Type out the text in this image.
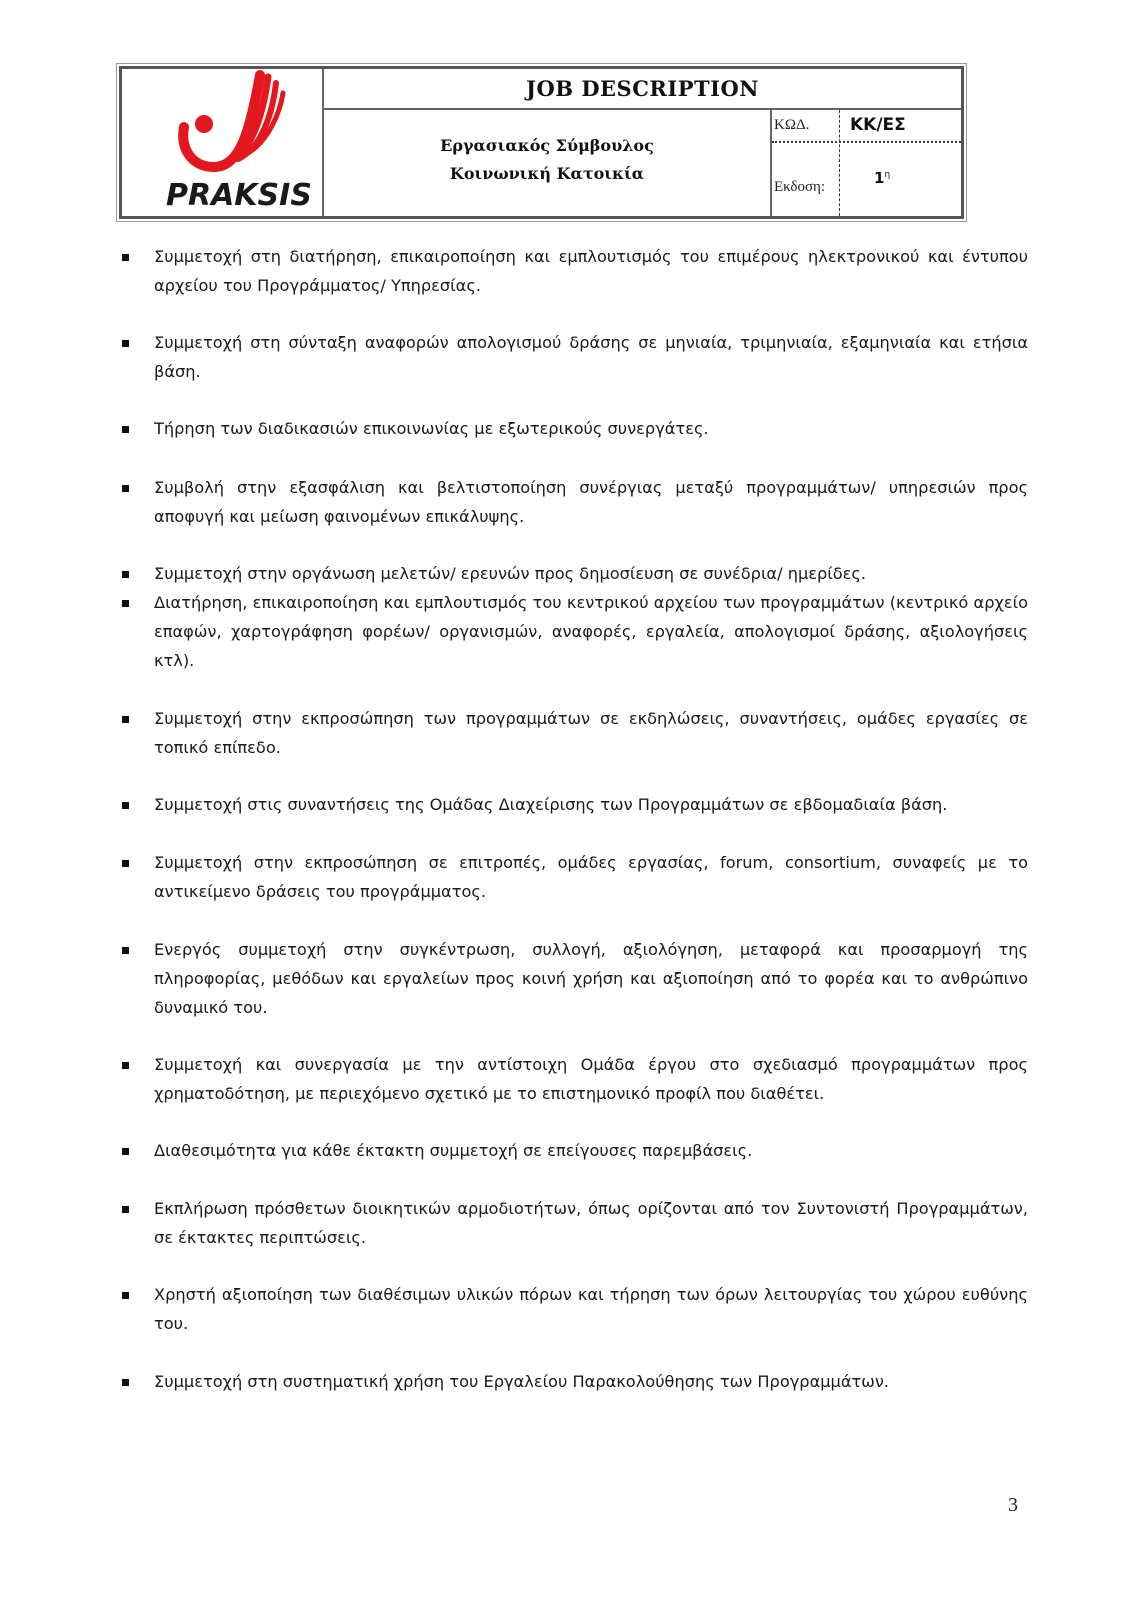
PRAKSIS
JOB DESCRIPTION
Εργασιακός Σύμβουλος
Κοινωνική Κατοικία
ΚΩΔ. ΚΚ/ΕΣ
Εκδοση:	$1^\eta$
Συμμετοχή στη διατήρηση, επικαιροποίηση και εμπλουτισμός του επιμέρους ηλεκτρονικού και έντυπου αρχείου του Προγράμματος/ Υπηρεσίας.
Συμμετοχή στη σύνταξη αναφορών απολογισμού δράσης σε μηνιαία, τριμηνιαία, εξαμηνιαία και ετήσια βάση.
Τήρηση των διαδικασιών επικοινωνίας με εξωτερικούς συνεργάτες.
Συμβολή στην εξασφάλιση και βελτιστοποίηση συνέργιας μεταξύ προγραμμάτων/ υπηρεσιών προς αποφυγή και μείωση φαινομένων επικάλυψης.
Συμμετοχή στην οργάνωση μελετών/ ερευνών προς δημοσίευση σε συνέδρια/ ημερίδες.
Διατήρηση, επικαιροποίηση και εμπλουτισμός του κεντρικού αρχείου των προγραμμάτων (κεντρικό αρχείο επαφών, χαρτογράφηση φορέων/ οργανισμών, αναφορές, εργαλεία, απολογισμοί δράσης, αξιολογήσεις κτλ).
Συμμετοχή στην εκπροσώπηση των προγραμμάτων σε εκδηλώσεις, συναντήσεις, ομάδες εργασίες σε τοπικό επίπεδο.
Συμμετοχή στις συναντήσεις της Ομάδας Διαχείρισης των Προγραμμάτων σε εβδομαδιαία βάση.
Συμμετοχή στην εκπροσώπηση σε επιτροπές, ομάδες εργασίας, forum, consortium, συναφείς με το αντικείμενο δράσεις του προγράμματος.
Ενεργός συμμετοχή στην συγκέντρωση, συλλογή, αξιολόγηση, μεταφορά και προσαρμογή της πληροφορίας, μεθόδων και εργαλείων προς κοινή χρήση και αξιοποίηση από το φορέα και το ανθρώπινο δυναμικό του.
Συμμετοχή και συνεργασία με την αντίστοιχη Ομάδα έργου στο σχεδιασμό προγραμμάτων προς χρηματοδότηση, με περιεχόμενο σχετικό με το επιστημονικό προφίλ που διαθέτει.
Διαθεσιμότητα για κάθε έκτακτη συμμετοχή σε επείγουσες παρεμβάσεις.
Εκπλήρωση πρόσθετων διοικητικών αρμοδιοτήτων, όπως ορίζονται από τον Συντονιστή Προγραμμάτων, σε έκτακτες περιπτώσεις.
Χρηστή αξιοποίηση των διαθέσιμων υλικών πόρων και τήρηση των όρων λειτουργίας του χώρου ευθύνης του.
Συμμετοχή στη συστηματική χρήση του Εργαλείου Παρακολούθησης των Προγραμμάτων.
3
